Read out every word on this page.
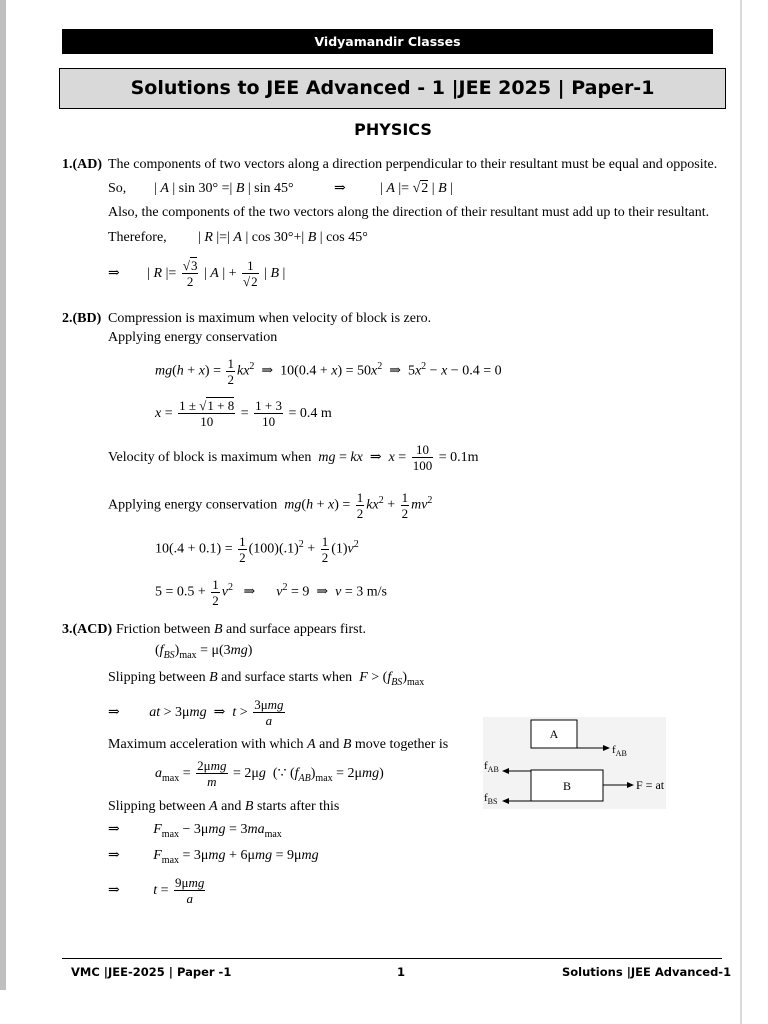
Vidyamandir Classes
Solutions to JEE Advanced - 1 |JEE 2025 | Paper-1
PHYSICS
1.(AD) The components of two vectors along a direction perpendicular to their resultant must be equal and opposite.
So, | A | sin 30° =| B | sin 45°	⇒ | A |= √2 | B |
Also, the components of the two vectors along the direction of their resultant must add up to their resultant.
Therefore, | R |=| A | cos 30°+| B | cos 45°
⇒ | R |= $\frac{√3}{2}$ | A | + $\frac{1}{√2}$ | B |
2.(BD) Compression is maximum when velocity of block is zero.
Applying energy conservation
$mg(h + x) = \frac{1}{2} kx^2$  ⇒  $10(0.4 + x) = 50x^2$  ⇒  $5x^2 - x - 0.4 = 0$
$x = \frac{1 \pm √1 + 8}{10} = \frac{1 + 3}{10} = 0.4$ m
Velocity of block is maximum when mg = kx  ⇒  $x = \frac{10}{100} = 0.1m$
Applying energy conservation $mg(h + x) = \frac{1}{2} kx^2 + \frac{1}{2} mv^2$
$10(.4 + 0.1) = \frac{1}{2} (100)(.1)^2 + \frac{1}{2} (1)v^2$
$5 = 0.5 + \frac{1}{2} v^2$   ⇒      $v^2 = 9$  ⇒  v = 3 m/s
3.(ACD) Friction between B and surface appears first.
$(f_{BS})_{max} = \mu(3mg)$
Slipping between B and surface starts when  $F > (f_{BS})_{max}$
⇒ at > 3μmg  ⇒  $t > \frac{\text{3μmg}}{a}$
Maximum acceleration with which A and B move together is
$a_{max} = \frac{\text{2μmg}}{m} = 2\mu g$  (∵ $(f_{AB})_{max} = 2\mu mg$)
Slipping between A and B starts after this
⇒ $F_{max} - 3\mu mg = 3ma_{max}$
⇒ $F_{max} = 3\mu mg + 6\mu mg = 9\mu mg$
⇒ $t = \frac{\text{9μmg}}{a}$
A
$f_{AB}$
B
$f_{AB}$
$f_{BS}$
F = at
VMC |JEE-2025 | Paper -1	1	Solutions |JEE Advanced-1
